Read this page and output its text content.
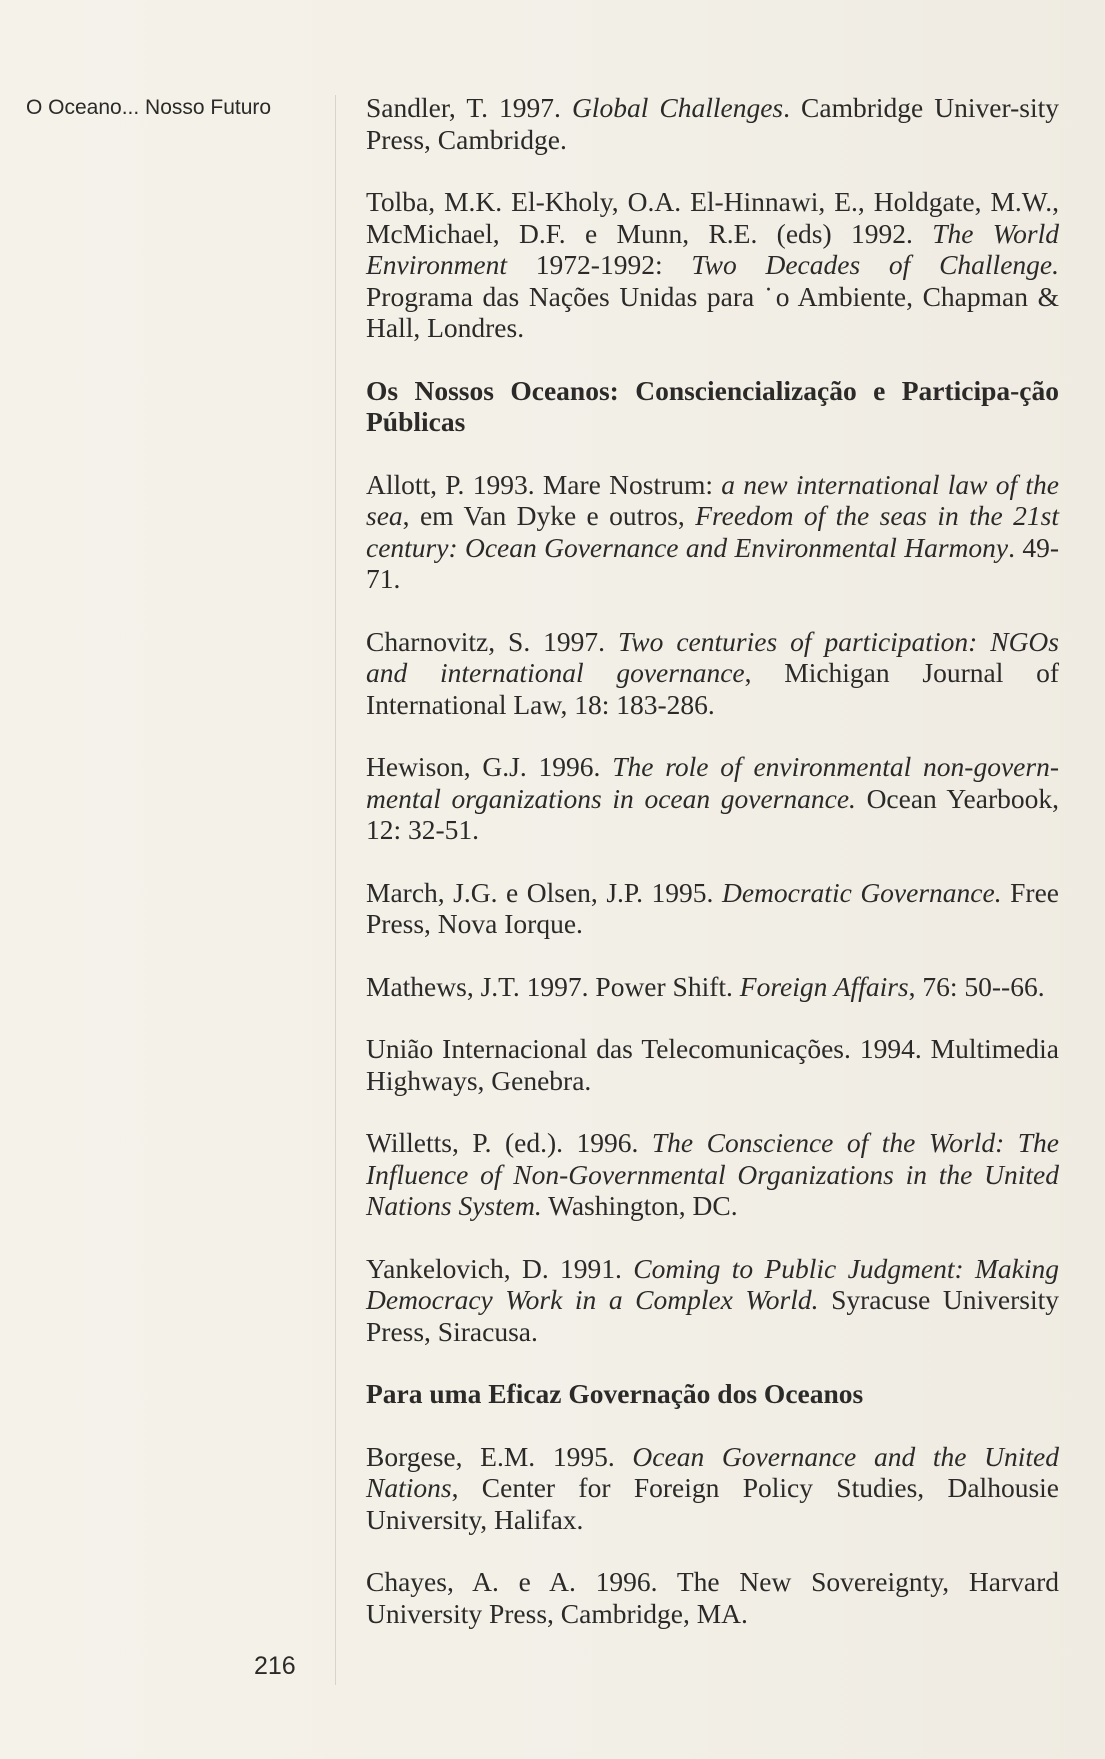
O Oceano... Nosso Futuro	Sandler, T. 1997. Global Challenges. Cambridge Univer-sity Press, Cambridge.
Tolba, M.K. El-Kholy, O.A. El-Hinnawi, E., Holdgate, M.W., McMichael, D.F. e Munn, R.E. (eds) 1992. The World Environment 1972-1992: Two Decades of Challenge. Programa das Nações Unidas para ˙o Ambiente, Chapman & Hall, Londres.
Os Nossos Oceanos: Consciencialização e Participa-ção Públicas
Allott, P. 1993. Mare Nostrum: a new international law of the sea, em Van Dyke e outros, Freedom of the seas in the 21st century: Ocean Governance and Environmental Harmony. 49-71.
Charnovitz, S. 1997. Two centuries of participation: NGOs and international governance, Michigan Journal of International Law, 18: 183-286.
Hewison, G.J. 1996. The role of environmental non-govern-mental organizations in ocean governance. Ocean Yearbook, 12: 32-51.
March, J.G. e Olsen, J.P. 1995. Democratic Governance. Free Press, Nova Iorque.
Mathews, J.T. 1997. Power Shift. Foreign Affairs, 76: 50--66.
União Internacional das Telecomunicações. 1994. Multimedia Highways, Genebra.
Willetts, P. (ed.). 1996. The Conscience of the World: The Influence of Non-Governmental Organizations in the United Nations System. Washington, DC.
Yankelovich, D. 1991. Coming to Public Judgment: Making Democracy Work in a Complex World. Syracuse University Press, Siracusa.
Para uma Eficaz Governação dos Oceanos
Borgese, E.M. 1995. Ocean Governance and the United Nations, Center for Foreign Policy Studies, Dalhousie University, Halifax.
Chayes, A. e A. 1996. The New Sovereignty, Harvard University Press, Cambridge, MA.
216
